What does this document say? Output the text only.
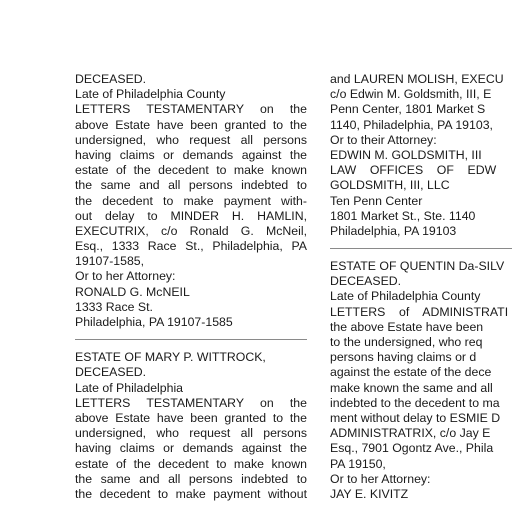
DECEASED.
Late of Philadelphia County
LETTERS TESTAMENTARY on the
above Estate have been granted to the
undersigned, who request all persons
having claims or demands against the
estate of the decedent to make known
the same and all persons indebted to
the decedent to make payment with-
out delay to MINDER H. HAMLIN,
EXECUTRIX, c/o Ronald G. McNeil,
Esq., 1333 Race St., Philadelphia, PA
19107-1585,
Or to her Attorney:
RONALD G. McNEIL
1333 Race St.
Philadelphia, PA 19107-1585
ESTATE OF MARY P. WITTROCK,
DECEASED.
Late of Philadelphia
LETTERS TESTAMENTARY on the
above Estate have been granted to the
undersigned, who request all persons
having claims or demands against the
estate of the decedent to make known
the same and all persons indebted to
the decedent to make payment without
and LAUREN MOLISH, EXECU
c/o Edwin M. Goldsmith, III, E
Penn Center, 1801 Market S
1140, Philadelphia, PA 19103,
Or to their Attorney:
EDWIN M. GOLDSMITH, III
LAW    OFFICES    OF    EDW
GOLDSMITH, III, LLC
Ten Penn Center
1801 Market St., Ste. 1140
Philadelphia, PA 19103
ESTATE OF QUENTIN Da-SILV
DECEASED.
Late of Philadelphia County
LETTERS    of    ADMINISTRATI
the above Estate have been
to the undersigned, who req
persons having claims or d
against the estate of the dece
make known the same and all
indebted to the decedent to ma
ment without delay to ESMIE D
ADMINISTRATRIX, c/o Jay E
Esq., 7901 Ogontz Ave., Phila
PA 19150,
Or to her Attorney:
JAY E. KIVITZ
